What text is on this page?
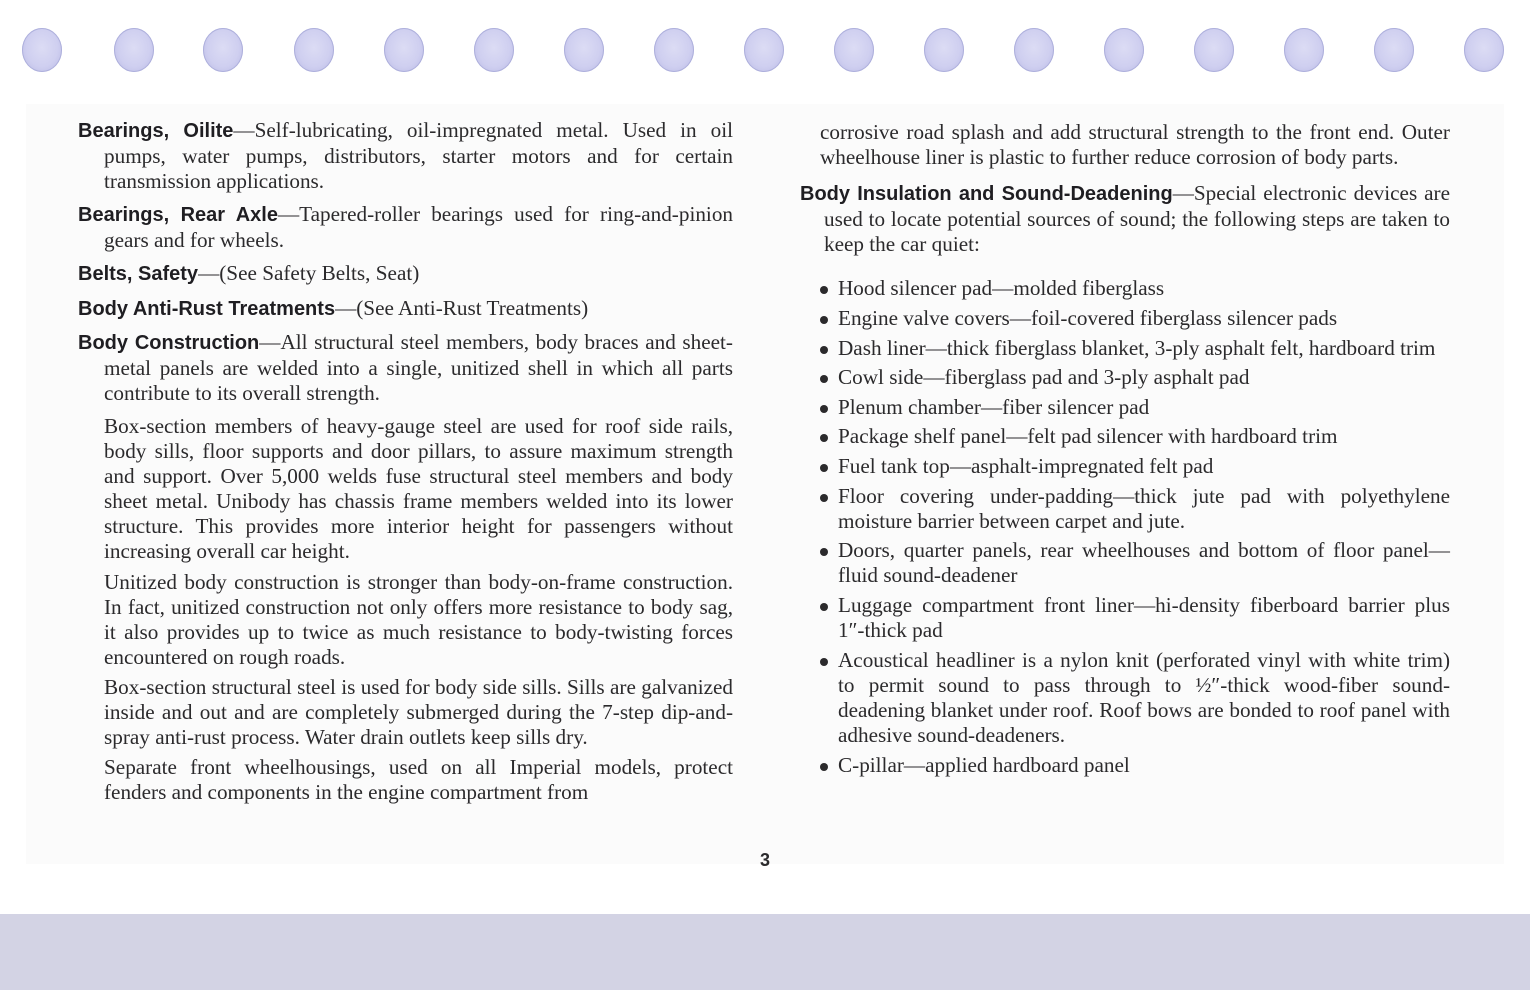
Bearings, Oilite—Self-lubricating, oil-impregnated metal. Used in oil pumps, water pumps, distributors, starter motors and for certain transmission applications.

Bearings, Rear Axle—Tapered-roller bearings used for ring-and-pinion gears and for wheels.

Belts, Safety—(See Safety Belts, Seat)

Body Anti-Rust Treatments—(See Anti-Rust Treatments)

Body Construction—All structural steel members, body braces and sheet-metal panels are welded into a single, unitized shell in which all parts contribute to its overall strength.

Box-section members of heavy-gauge steel are used for roof side rails, body sills, floor supports and door pillars, to assure maximum strength and support. Over 5,000 welds fuse structural steel members and body sheet metal. Unibody has chassis frame members welded into its lower structure. This provides more interior height for passengers without increasing overall car height.

Unitized body construction is stronger than body-on-frame construction. In fact, unitized construction not only offers more resistance to body sag, it also provides up to twice as much resistance to body-twisting forces encountered on rough roads.

Box-section structural steel is used for body side sills. Sills are galvanized inside and out and are completely submerged during the 7-step dip-and-spray anti-rust process. Water drain outlets keep sills dry.

Separate front wheelhousings, used on all Imperial models, protect fenders and components in the engine compartment from

corrosive road splash and add structural strength to the front end. Outer wheelhouse liner is plastic to further reduce corrosion of body parts.

Body Insulation and Sound-Deadening—Special electronic devices are used to locate potential sources of sound; the following steps are taken to keep the car quiet:

Hood silencer pad—molded fiberglass
Engine valve covers—foil-covered fiberglass silencer pads
Dash liner—thick fiberglass blanket, 3-ply asphalt felt, hardboard trim
Cowl side—fiberglass pad and 3-ply asphalt pad
Plenum chamber—fiber silencer pad
Package shelf panel—felt pad silencer with hardboard trim
Fuel tank top—asphalt-impregnated felt pad
Floor covering under-padding—thick jute pad with polyethylene moisture barrier between carpet and jute.
Doors, quarter panels, rear wheelhouses and bottom of floor panel—fluid sound-deadener
Luggage compartment front liner—hi-density fiberboard barrier plus 1″-thick pad
Acoustical headliner is a nylon knit (perforated vinyl with white trim) to permit sound to pass through to ½″-thick wood-fiber sound-deadening blanket under roof. Roof bows are bonded to roof panel with adhesive sound-deadeners.
C-pillar—applied hardboard panel
3
